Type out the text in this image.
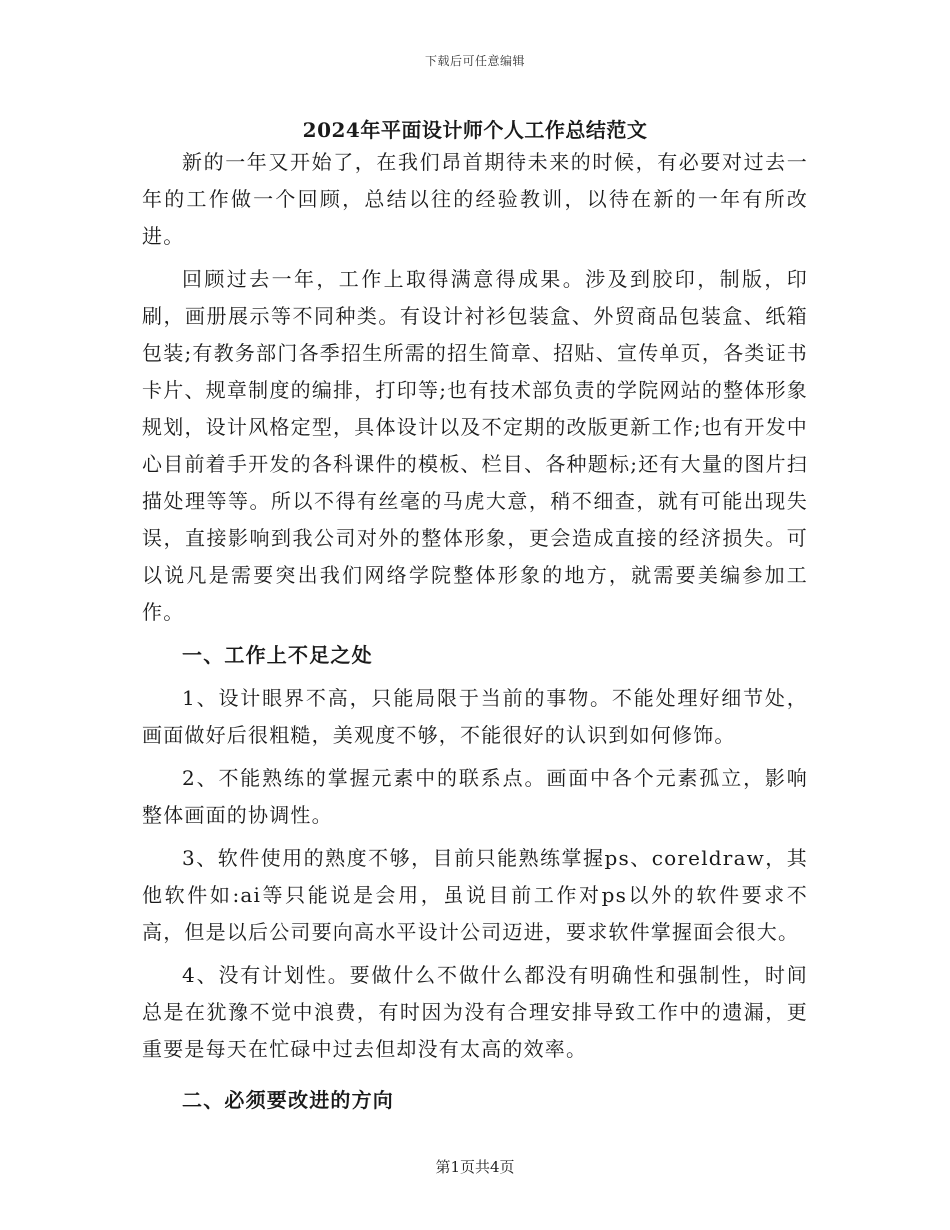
下载后可任意编辑
2024年平面设计师个人工作总结范文

新的一年又开始了，在我们昂首期待未来的时候，有必要对过去一年的工作做一个回顾，总结以往的经验教训，以待在新的一年有所改进。

回顾过去一年，工作上取得满意得成果。涉及到胶印，制版，印刷，画册展示等不同种类。有设计衬衫包装盒、外贸商品包装盒、纸箱包装;有教务部门各季招生所需的招生简章、招贴、宣传单页，各类证书卡片、规章制度的编排，打印等;也有技术部负责的学院网站的整体形象规划，设计风格定型，具体设计以及不定期的改版更新工作;也有开发中心目前着手开发的各科课件的模板、栏目、各种题标;还有大量的图片扫描处理等等。所以不得有丝毫的马虎大意，稍不细查，就有可能出现失误，直接影响到我公司对外的整体形象，更会造成直接的经济损失。可以说凡是需要突出我们网络学院整体形象的地方，就需要美编参加工作。

一、工作上不足之处

1、设计眼界不高，只能局限于当前的事物。不能处理好细节处，画面做好后很粗糙，美观度不够，不能很好的认识到如何修饰。

2、不能熟练的掌握元素中的联系点。画面中各个元素孤立，影响整体画面的协调性。

3、软件使用的熟度不够，目前只能熟练掌握ps、coreldraw，其他软件如:ai等只能说是会用，虽说目前工作对ps以外的软件要求不高，但是以后公司要向高水平设计公司迈进，要求软件掌握面会很大。

4、没有计划性。要做什么不做什么都没有明确性和强制性，时间总是在犹豫不觉中浪费，有时因为没有合理安排导致工作中的遗漏，更重要是每天在忙碌中过去但却没有太高的效率。

二、必须要改进的方向

第1页共4页
